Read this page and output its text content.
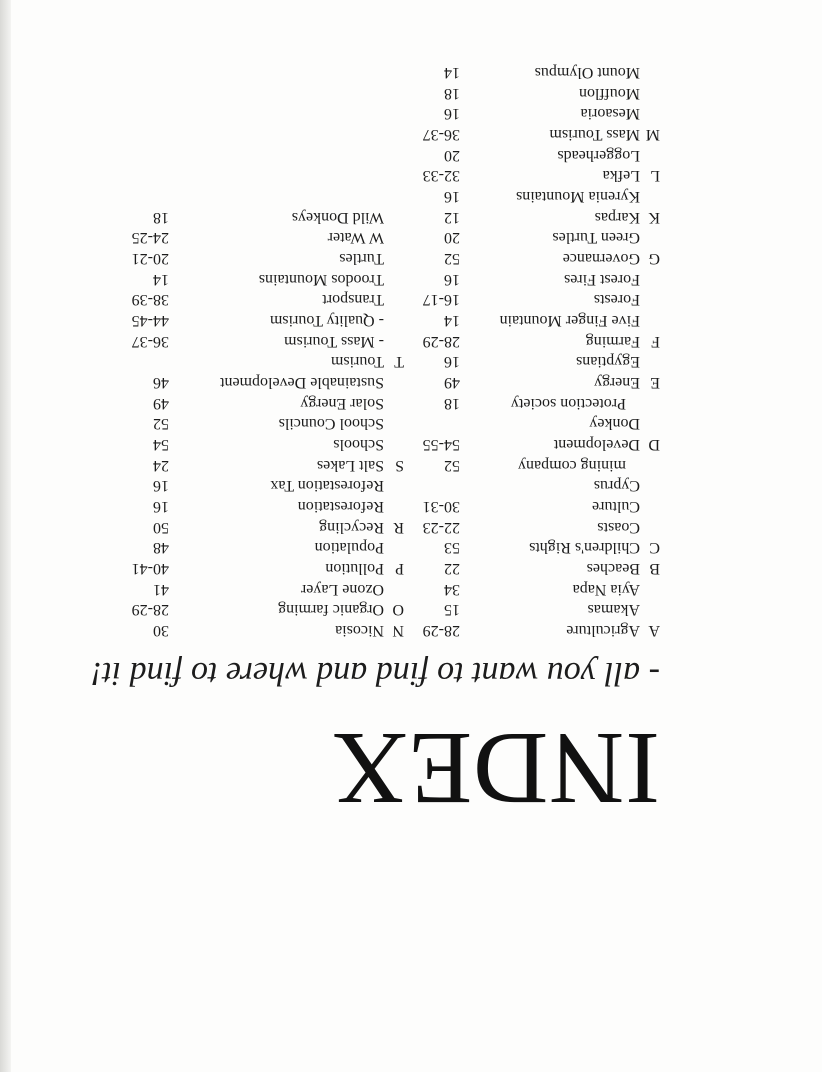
INDEX

- all you want to find and where to find it!

A
Agriculture
28-29
Akamas
15
Ayia Napa
34
B
Beaches
22
C
Children's Rights
53
Coasts
22-23
Culture
30-31
Cyprus
mining company
52
D
Development
54-55
Donkey
Protection society
18
E
Energy
49
Egyptians
16
F
Farming
28-29
Five Finger Mountain
14
Forests
16-17
Forest Fires
16
G
Governance
52
Green Turtles
20
K
Karpas
12
Kyrenia Mountains
16
L
Lefka
32-33
Loggerheads
20
M
Mass Tourism
36-37
Mesaoria
16
Moufflon
18
Mount Olympus
14
N
Nicosia
30
O
Organic farming
28-29
Ozone Layer
41
P
Pollution
40-41
Population
48
R
Recycling
50
Reforestation
16
Reforestation Tax
16
S
Salt Lakes
24
Schools
54
School Councils
52
Solar Energy
49
Sustainable Development
46
T
Tourism
- Mass Tourism
36-37
- Quality Tourism
44-45
Transport
38-39
Troodos Mountains
14
Turtles
20-21
W Water
24-25
Wild Donkeys
18
